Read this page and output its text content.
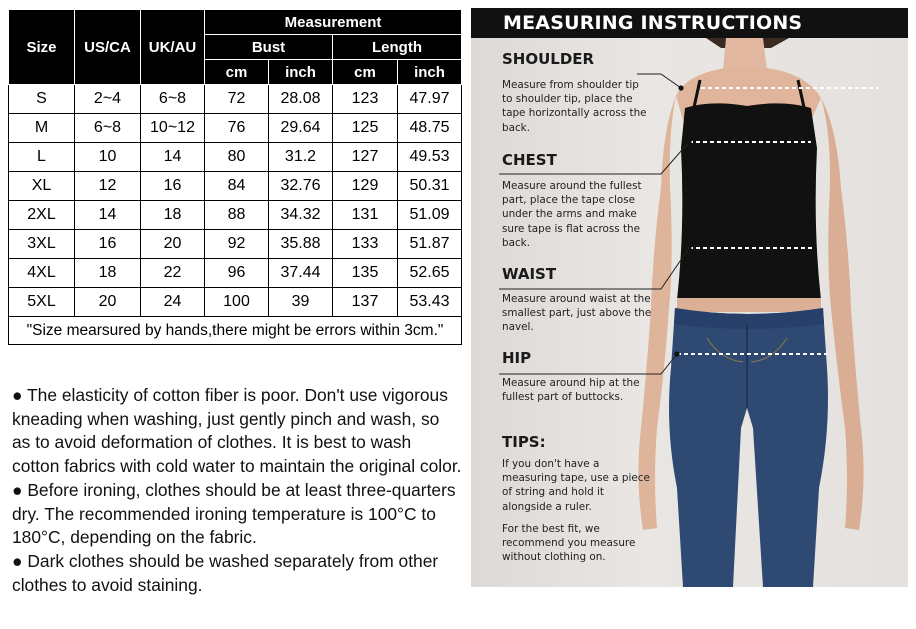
Size	US/CA	UK/AU	Measurement			
			Bust		Length	
			cm	inch	cm	inch
S	2~4	6~8	72	28.08	123	47.97
M	6~8	10~12	76	29.64	125	48.75
L	10	14	80	31.2	127	49.53
XL	12	16	84	32.76	129	50.31
2XL	14	18	88	34.32	131	51.09
3XL	16	20	92	35.88	133	51.87
4XL	18	22	96	37.44	135	52.65
5XL	20	24	100	39	137	53.43
"Size mearsured by hands,there might be errors within 3cm."						

● The elasticity of cotton fiber is poor. Don't use vigorous kneading when washing, just gently pinch and wash, so as to avoid deformation of clothes. It is best to wash cotton fabrics with cold water to maintain the original color.

● Before ironing, clothes should be at least three-quarters dry. The recommended ironing temperature is 100°C to 180°C, depending on the fabric.

● Dark clothes should be washed separately from other clothes to avoid staining.

MEASURING INSTRUCTIONS
SHOULDER
Measure from shoulder tip to shoulder tip, place the tape horizontally across the back.
CHEST
Measure around the fullest part, place the tape close under the arms and make sure tape is flat across the back.
WAIST
Measure around waist at the smallest part, just above the navel.
HIP
Measure around hip at the fullest part of buttocks.
TIPS:
If you don't have a measuring tape, use a piece of string and hold it alongside a ruler.
For the best fit, we recommend you measure without clothing on.
